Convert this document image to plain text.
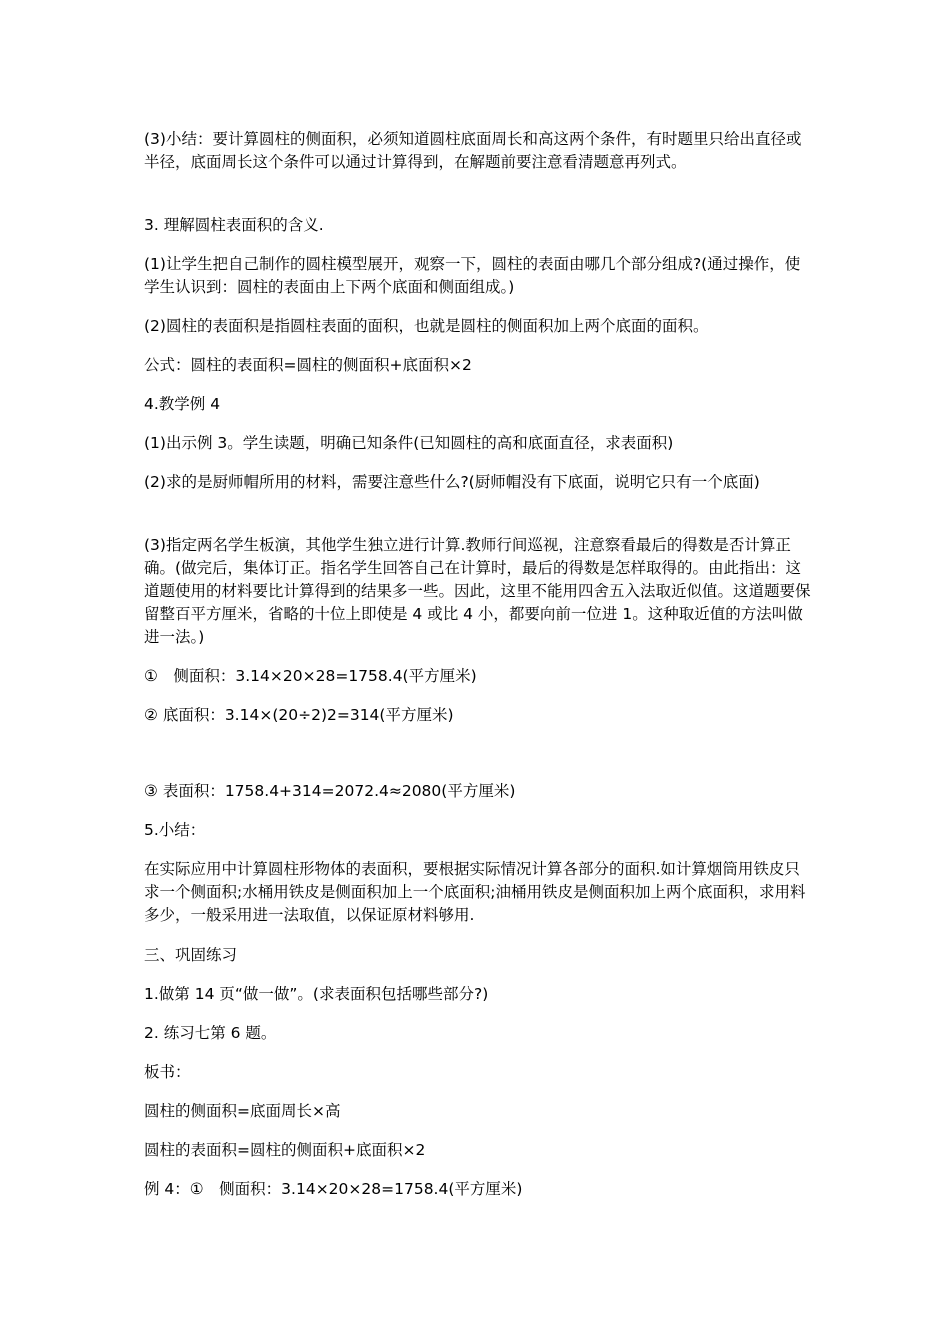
(3)小结：要计算圆柱的侧面积，必须知道圆柱底面周长和高这两个条件，有时题里只给出直径或半径，底面周长这个条件可以通过计算得到，在解题前要注意看清题意再列式。

3. 理解圆柱表面积的含义.

(1)让学生把自己制作的圆柱模型展开，观察一下，圆柱的表面由哪几个部分组成?(通过操作，使学生认识到：圆柱的表面由上下两个底面和侧面组成。)

(2)圆柱的表面积是指圆柱表面的面积，也就是圆柱的侧面积加上两个底面的面积。

公式：圆柱的表面积=圆柱的侧面积+底面积×2

4.教学例 4

(1)出示例 3。学生读题，明确已知条件(已知圆柱的高和底面直径，求表面积)

(2)求的是厨师帽所用的材料，需要注意些什么?(厨师帽没有下底面，说明它只有一个底面)

(3)指定两名学生板演，其他学生独立进行计算.教师行间巡视，注意察看最后的得数是否计算正确。(做完后，集体订正。指名学生回答自己在计算时，最后的得数是怎样取得的。由此指出：这道题使用的材料要比计算得到的结果多一些。因此，这里不能用四舍五入法取近似值。这道题要保留整百平方厘米，省略的十位上即使是 4 或比 4 小，都要向前一位进 1。这种取近值的方法叫做进一法。)

①　侧面积：3.14×20×28=1758.4(平方厘米)

② 底面积：3.14×(20÷2)2=314(平方厘米)

③ 表面积：1758.4+314=2072.4≈2080(平方厘米)

5.小结：

在实际应用中计算圆柱形物体的表面积，要根据实际情况计算各部分的面积.如计算烟筒用铁皮只求一个侧面积;水桶用铁皮是侧面积加上一个底面积;油桶用铁皮是侧面积加上两个底面积，求用料多少，一般采用进一法取值，以保证原材料够用.

三、巩固练习

1.做第 14 页“做一做”。(求表面积包括哪些部分?)

2. 练习七第 6 题。

板书：

圆柱的侧面积=底面周长×高

圆柱的表面积=圆柱的侧面积+底面积×2

例 4：①　侧面积：3.14×20×28=1758.4(平方厘米)
